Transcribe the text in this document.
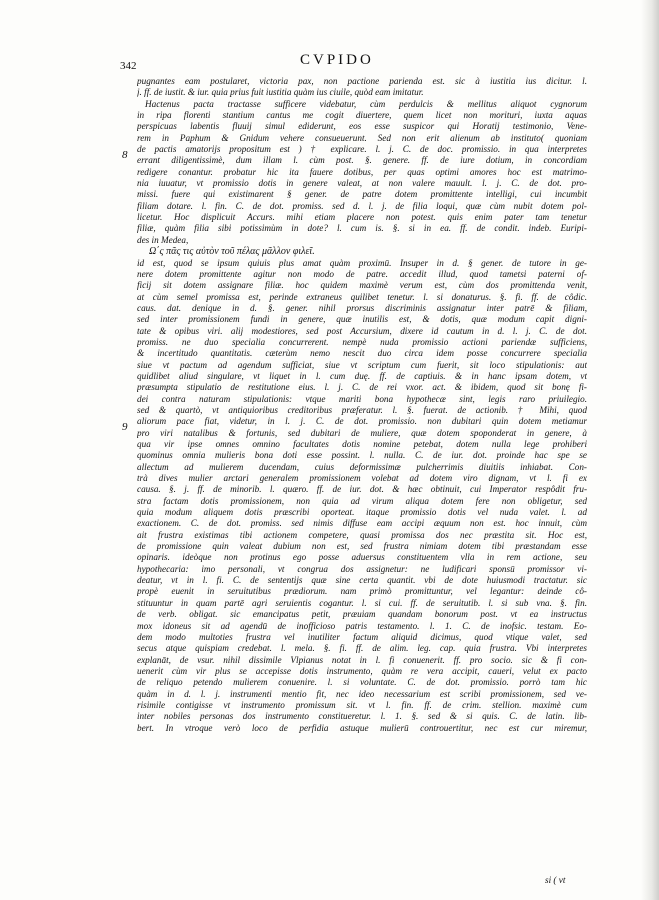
342	CVPIDO
8
9
pugnantes eam postularet, victoria pax, non pactione parienda est. sic à iustitia ius dicitur. l.
j. ff. de iustit. & iur. quia prius fuit iustitia quàm ius ciuile, quòd eam imitatur.
Hactenus pacta tractasse sufficere videbatur, cùm perdulcis & mellitus aliquot cygnorum
in ripa florenti stantium cantus me cogit diuertere, quem licet non morituri, iuxta aquas
perspicuas labentis fluuij simul ediderunt, eos esse suspicor qui Horatij testimonio, Vene-
rem in Paphum & Gnidum vehere consueuerunt. Sed non erit alienum ab instituto( quoniam
de pactis amatorijs propositum est ) † explicare. l. j. C. de doc. promissio. in qua interpretes
errant diligentissimè, dum illam l. cùm post. §. genere. ff. de iure dotium, in concordiam
redigere conantur. probatur hic ita fauere dotibus, per quas optimi amores hoc est matrimo-
nia iuuatur, vt promissio dotis in genere valeat, at non valere mauult. l. j. C. de dot. pro-
missi. fuere qui existimarent § gener. de patre dotem promittente intelligi, cui incumbit
filiam dotare. l. fin. C. de dot. promiss. sed d. l. j. de filia loqui, quæ cùm nubit dotem pol-
licetur. Hoc displicuit Accurs. mihi etiam placere non potest. quis enim pater tam tenetur
filiæ, quàm filia sibi potissimùm in dote? l. cum is. §. si in ea. ff. de condit. indeb. Euripi-
des in Medea,
Ω΄ς πᾶς τις αὐτὸν τοῦ πέλας μᾶλλον φιλεῖ.
id est, quod se ipsum quiuis plus amat quàm proximū. Insuper in d. § gener. de tutore in ge-
nere dotem promittente agitur non modo de patre. accedit illud, quod tametsi paterni of-
ficij sit dotem assignare filiæ. hoc quidem maximè verum est, cùm dos promittenda venit,
at cùm semel promissa est, perinde extraneus quilibet tenetur. l. si donaturus. §. fi. ff. de côdic.
caus. dat. denique in d. §. gener. nihil prorsus discriminis assignatur inter patrē & filiam,
sed inter promissionem fundi in genere, quæ inutilis est, & dotis, quæ modum capit digni-
tate & opibus viri. alij modestiores, sed post Accursium, dixere id cautum in d. l. j. C. de dot.
promiss. ne duo specialia concurrerent. nempè nuda promissio actioni pariendæ sufficiens,
& incertitudo quantitatis. cæterùm nemo nescit duo circa idem posse concurrere specialia
siue vt pactum ad agendum sufficiat, siue vt scriptum cum fuerit, sit loco stipulationis: aut
quidlibet aliud singulare, vt liquet in l. cum duę. ff. de captiuis. & in hanc ipsam dotem, vt
præsumpta stipulatio de restitutione eius. l. j. C. de rei vxor. act. & ibidem, quod sit bonę fi-
dei contra naturam stipulationis: vtque mariti bona hypothecæ sint, legis raro priuilegio.
sed & quartò, vt antiquioribus creditoribus præferatur. l. §. fuerat. de actionib. † Mihi, quod
aliorum pace fiat, videtur, in l. j. C. de dot. promissio. non dubitari quin dotem metiamur
pro viri natalibus & fortunis, sed dubitari de muliere, quæ dotem spoponderat in genere, à
qua vir ipse omnes omnino facultates dotis nomine petebat, dotem nulla lege prohiberi
quominus omnia mulieris bona doti esse possint. l. nulla. C. de iur. dot. proinde hac spe se
allectum ad mulierem ducendam, cuius deformissimæ pulcherrimis diuitiis inhiabat. Con-
trà dives mulier arctari generalem promissionem volebat ad dotem viro dignam, vt l. fi ex
causa. §. j. ff. de minorib. l. quæro. ff. de iur. dot. & hæc obtinuit, cui Imperator respôdit fru-
stra factam dotis promissionem, non quia ad virum aliqua dotem fere non obligetur, sed
quia modum aliquem dotis præscribi oporteat. itaque promissio dotis vel nuda valet. l. ad
exactionem. C. de dot. promiss. sed nimis diffuse eam accipi æquum non est. hoc innuit, cùm
ait frustra existimas tibi actionem competere, quasi promissa dos nec præstita sit. Hoc est,
de promissione quin valeat dubium non est, sed frustra nimiam dotem tibi præstandam esse
opinaris. ideòque non protinus ego posse aduersus constituentem vlla in rem actione, seu
hypothecaria: imo personali, vt congrua dos assignetur: ne ludificari sponsū promissor vi-
deatur, vt in l. fi. C. de sententijs quæ sine certa quantit. vbi de dote huiusmodi tractatur. sic
propè euenit in seruitutibus prædiorum. nam primò promittuntur, vel legantur: deinde cô-
stituuntur in quam partē agri seruientis cogantur. l. si cui. ff. de seruitutib. l. si sub vna. §. fin.
de verb. obligat. sic emancipatus petit, præuiam quandam bonorum post. vt ea instructus
mox idoneus sit ad agendū de inofficioso patris testamento. l. 1. C. de inofsic. testam. Eo-
dem modo multoties frustra vel inutiliter factum aliquid dicimus, quod vtique valet, sed
secus atque quispiam credebat. l. mela. §. fi. ff. de alim. leg. cap. quia frustra. Vbi interpretes
explanāt, de vsur. nihil dissimile Vlpianus notat in l. fi conuenerit. ff. pro socio. sic & fi con-
uenerit cùm vir plus se accepisse dotis instrumento, quàm re vera accipit, caueri, velut ex pacto
de reliquo petendo mulierem conuenire. l. si voluntate. C. de dot. promissio. porrò tam hic
quàm in d. l. j. instrumenti mentio fit, nec ideo necessarium est scribi promissionem, sed ve-
risimile contigisse vt instrumento promissum sit. vt l. fin. ff. de crim. stellion. maximè cum
inter nobiles personas dos instrumento constitueretur. l. 1. §. sed & si quis. C. de latin. lib-
bert. In vtroque verò loco de perfidia astuque mulierū controuertitur, nec est cur miremur,
si ( vt
